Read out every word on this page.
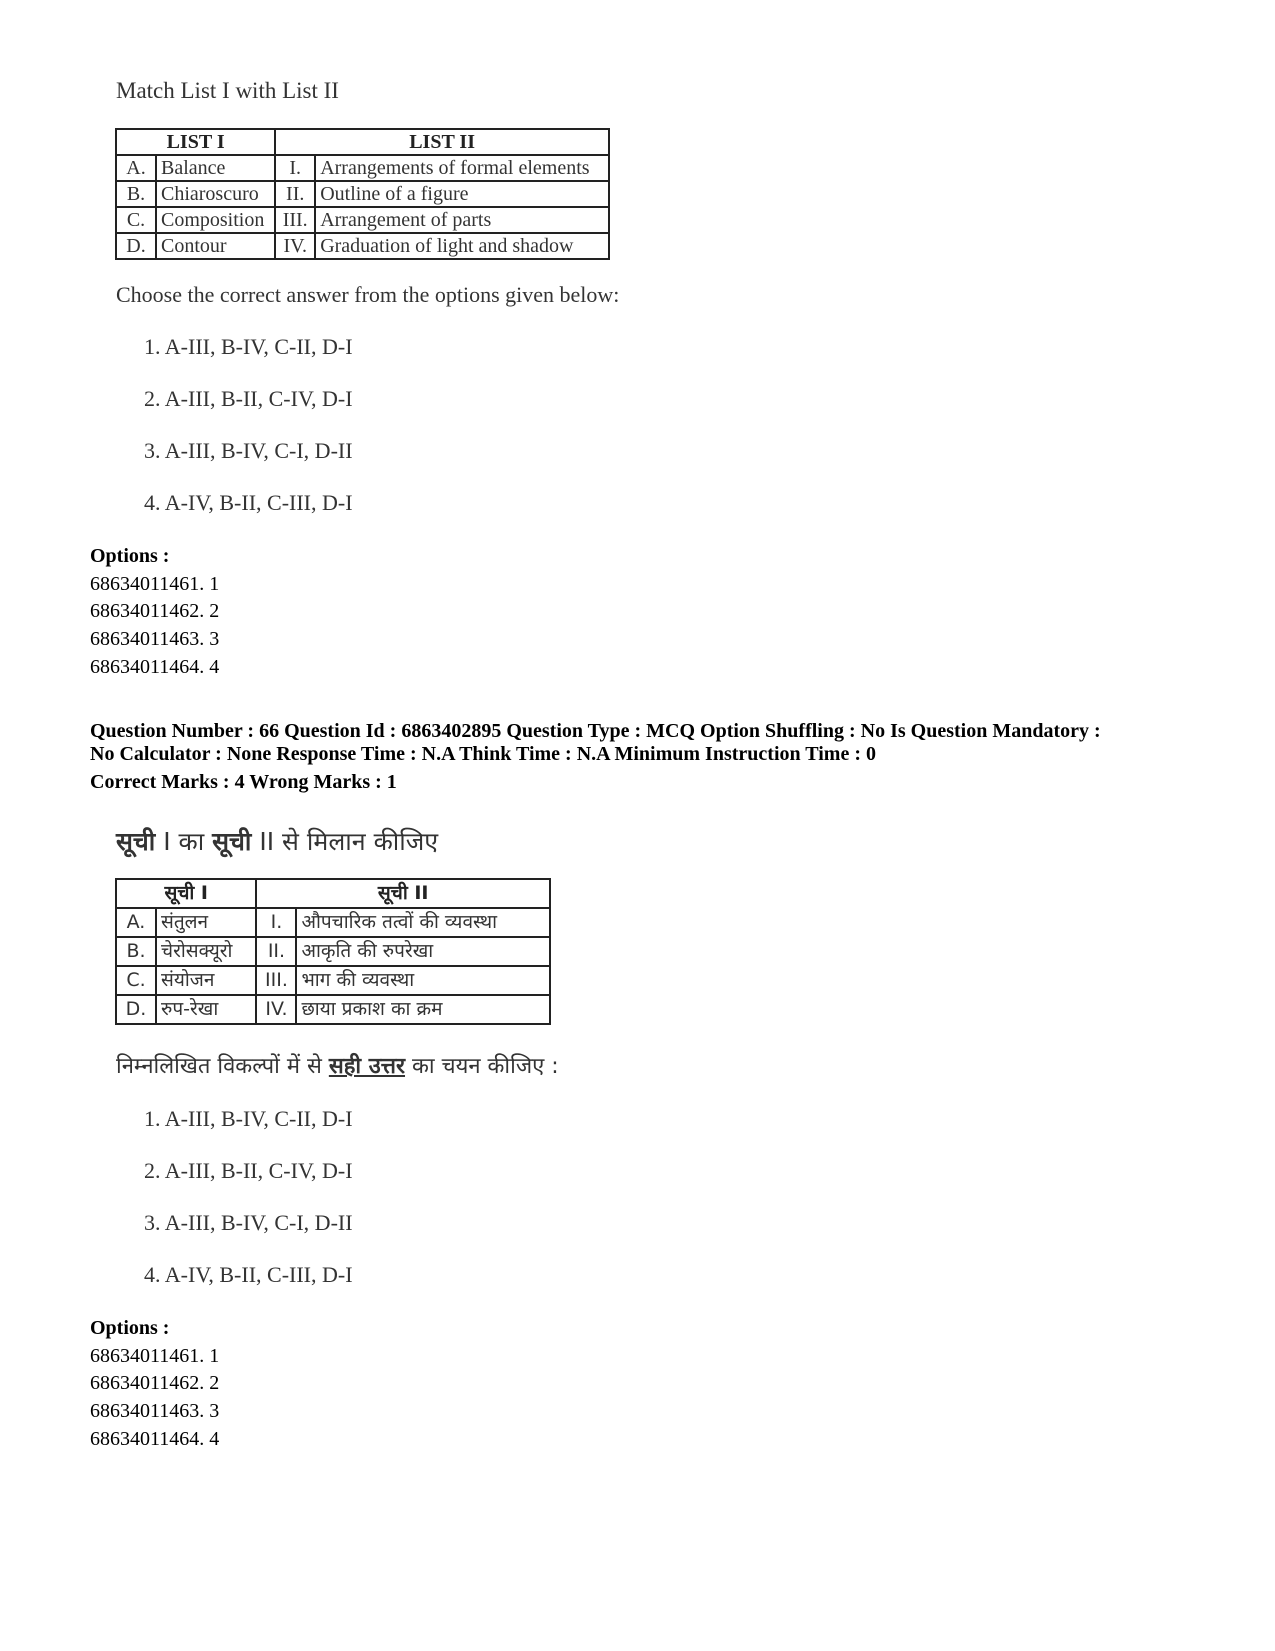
Match List I with List II
LIST I		LIST II	
A.	Balance	I.	Arrangements of formal elements
B.	Chiaroscuro	II.	Outline of a figure
C.	Composition	III.	Arrangement of parts
D.	Contour	IV.	Graduation of light and shadow
Choose the correct answer from the options given below:
1. A-III, B-IV, C-II, D-I
2. A-III, B-II, C-IV, D-I
3. A-III, B-IV, C-I, D-II
4. A-IV, B-II, C-III, D-I
Options :
68634011461. 1
68634011462. 2
68634011463. 3
68634011464. 4
Question Number : 66 Question Id : 6863402895 Question Type : MCQ Option Shuffling : No Is Question Mandatory :
No Calculator : None Response Time : N.A Think Time : N.A Minimum Instruction Time : 0
Correct Marks : 4 Wrong Marks : 1
सूची I का सूची II से मिलान कीजिए
सूची I		सूची II	
A.	संतुलन	I.	औपचारिक तत्वों की व्यवस्था
B.	चेरोसक्यूरो	II.	आकृति की रुपरेखा
C.	संयोजन	III.	भाग की व्यवस्था
D.	रुप-रेखा	IV.	छाया प्रकाश का क्रम
निम्नलिखित विकल्पों में से सही उत्तर का चयन कीजिए :
1. A-III, B-IV, C-II, D-I
2. A-III, B-II, C-IV, D-I
3. A-III, B-IV, C-I, D-II
4. A-IV, B-II, C-III, D-I
Options :
68634011461. 1
68634011462. 2
68634011463. 3
68634011464. 4
